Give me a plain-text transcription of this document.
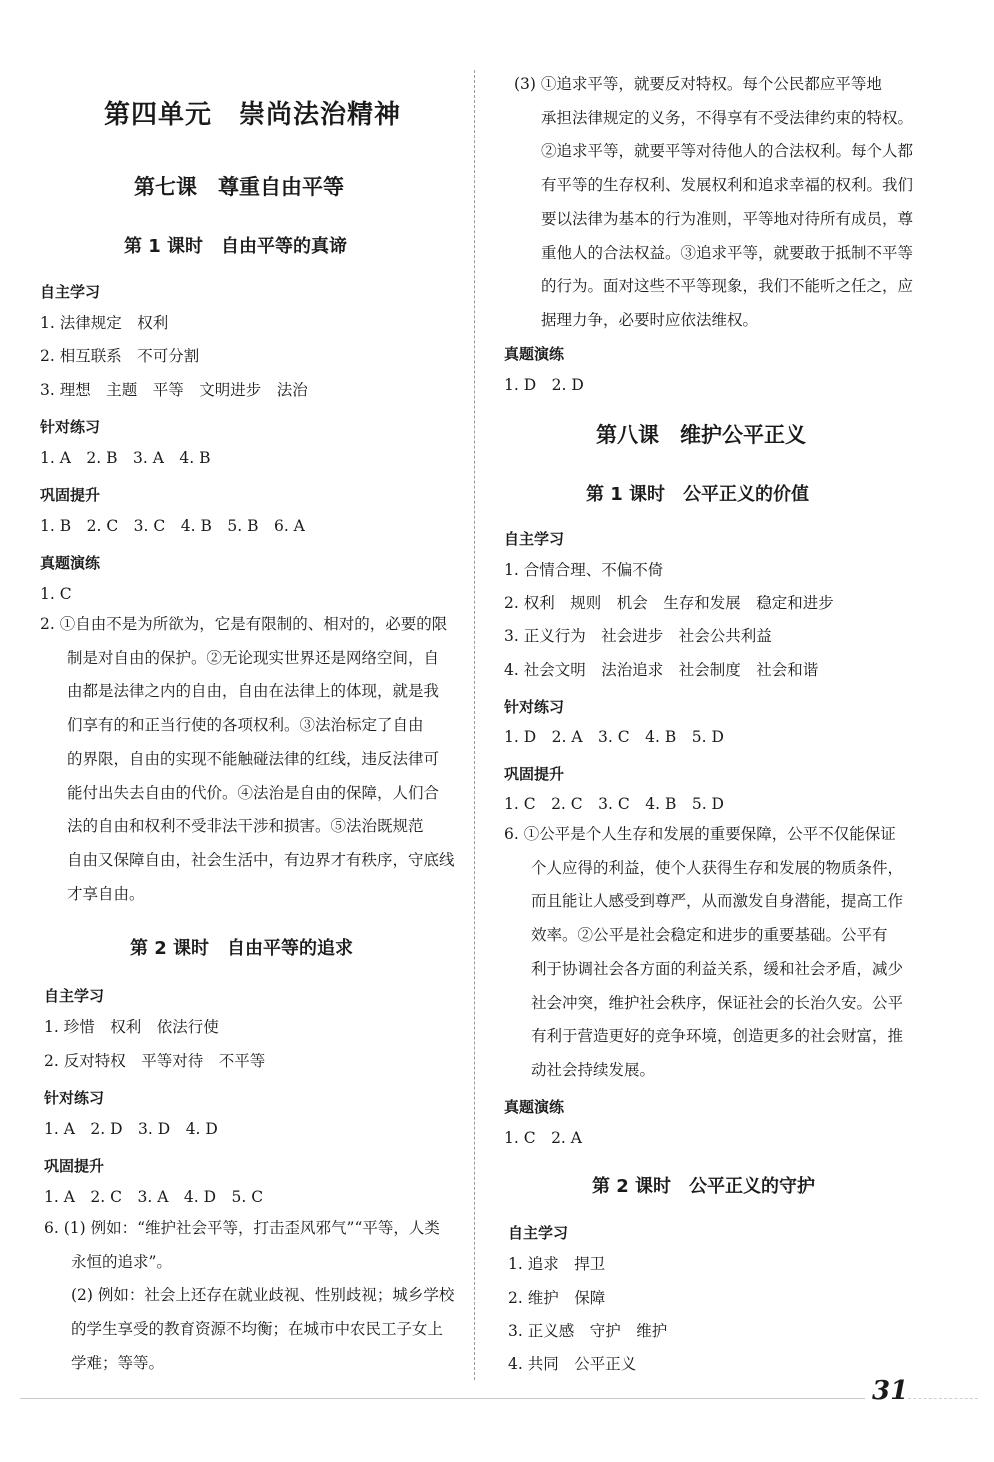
第四单元　崇尚法治精神
第七课　尊重自由平等
第 1 课时　自由平等的真谛
自主学习
1. 法律规定　权利
2. 相互联系　不可分割
3. 理想　主题　平等　文明进步　法治
针对练习
1. A　2. B　3. A　4. B
巩固提升
1. B　2. C　3. C　4. B　5. B　6. A
真题演练
1. C
2. ①自由不是为所欲为，它是有限制的、相对的，必要的限
制是对自由的保护。②无论现实世界还是网络空间，自
由都是法律之内的自由，自由在法律上的体现，就是我
们享有的和正当行使的各项权利。③法治标定了自由
的界限，自由的实现不能触碰法律的红线，违反法律可
能付出失去自由的代价。④法治是自由的保障，人们合
法的自由和权利不受非法干涉和损害。⑤法治既规范
自由又保障自由，社会生活中，有边界才有秩序，守底线
才享自由。
第 2 课时　自由平等的追求
自主学习
1. 珍惜　权利　依法行使
2. 反对特权　平等对待　不平等
针对练习
1. A　2. D　3. D　4. D
巩固提升
1. A　2. C　3. A　4. D　5. C
6. (1) 例如：“维护社会平等，打击歪风邪气”“平等，人类
永恒的追求”。
(2) 例如：社会上还存在就业歧视、性别歧视；城乡学校
的学生享受的教育资源不均衡；在城市中农民工子女上
学难；等等。
(3) ①追求平等，就要反对特权。每个公民都应平等地
承担法律规定的义务，不得享有不受法律约束的特权。
②追求平等，就要平等对待他人的合法权利。每个人都
有平等的生存权利、发展权利和追求幸福的权利。我们
要以法律为基本的行为准则，平等地对待所有成员，尊
重他人的合法权益。③追求平等，就要敢于抵制不平等
的行为。面对这些不平等现象，我们不能听之任之，应
据理力争，必要时应依法维权。
真题演练
1. D　2. D
第八课　维护公平正义
第 1 课时　公平正义的价值
自主学习
1. 合情合理、不偏不倚
2. 权利　规则　机会　生存和发展　稳定和进步
3. 正义行为　社会进步　社会公共利益
4. 社会文明　法治追求　社会制度　社会和谐
针对练习
1. D　2. A　3. C　4. B　5. D
巩固提升
1. C　2. C　3. C　4. B　5. D
6. ①公平是个人生存和发展的重要保障，公平不仅能保证
个人应得的利益，使个人获得生存和发展的物质条件，
而且能让人感受到尊严，从而激发自身潜能，提高工作
效率。②公平是社会稳定和进步的重要基础。公平有
利于协调社会各方面的利益关系，缓和社会矛盾，减少
社会冲突，维护社会秩序，保证社会的长治久安。公平
有利于营造更好的竞争环境，创造更多的社会财富，推
动社会持续发展。
真题演练
1. C　2. A
第 2 课时　公平正义的守护
自主学习
1. 追求　捍卫
2. 维护　保障
3. 正义感　守护　维护
4. 共同　公平正义
31
